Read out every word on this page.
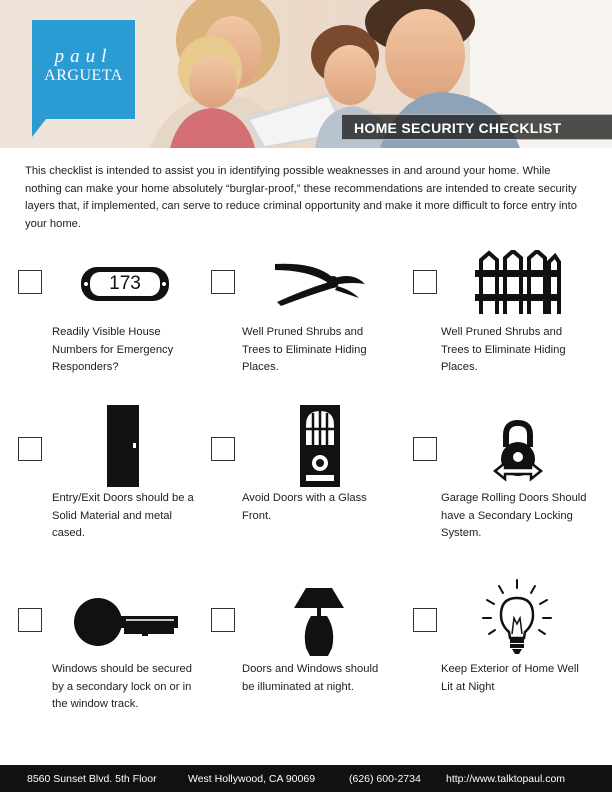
paul
ARGUETA
HOME SECURITY CHECKLIST

This checklist is intended to assist you in identifying possible weaknesses in and around your home. While nothing can make your home absolutely “burglar-proof,” these recommendations are intended to create security layers that, if implemented, can serve to reduce criminal opportunity and make it more difficult to force entry into your home.

173
Readily Visible House Numbers for Emergency Responders?
Well Pruned Shrubs and Trees to Eliminate Hiding Places.
Well Pruned Shrubs and Trees to Eliminate Hiding Places.
Entry/Exit Doors should be a Solid Material and metal cased.
Avoid Doors with a Glass Front.
Garage Rolling Doors Should have a Secondary Locking System.
Windows should be secured by a secondary lock on or in the window track.
Doors and Windows should be illuminated at night.
Keep Exterior of Home Well Lit at Night
8560 Sunset Blvd. 5th Floor	West Hollywood, CA 90069	(626) 600-2734 http://www.talktopaul.com
